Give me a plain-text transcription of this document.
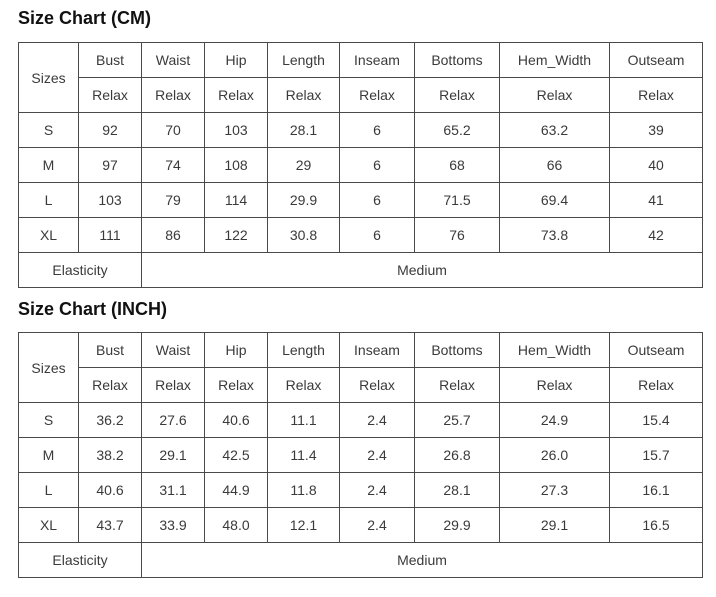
Size Chart (CM)
Sizes	Bust	Waist	Hip	Length	Inseam	Bottoms	Hem_Width	Outseam
	Relax	Relax	Relax	Relax	Relax	Relax	Relax	Relax
S	92	70	103	28.1	6	65.2	63.2	39
M	97	74	108	29	6	68	66	40
L	103	79	114	29.9	6	71.5	69.4	41
XL	111	86	122	30.8	6	76	73.8	42
Elasticity		Medium						
Size Chart (INCH)
Sizes	Bust	Waist	Hip	Length	Inseam	Bottoms	Hem_Width	Outseam
	Relax	Relax	Relax	Relax	Relax	Relax	Relax	Relax
S	36.2	27.6	40.6	11.1	2.4	25.7	24.9	15.4
M	38.2	29.1	42.5	11.4	2.4	26.8	26.0	15.7
L	40.6	31.1	44.9	11.8	2.4	28.1	27.3	16.1
XL	43.7	33.9	48.0	12.1	2.4	29.9	29.1	16.5
Elasticity		Medium						
